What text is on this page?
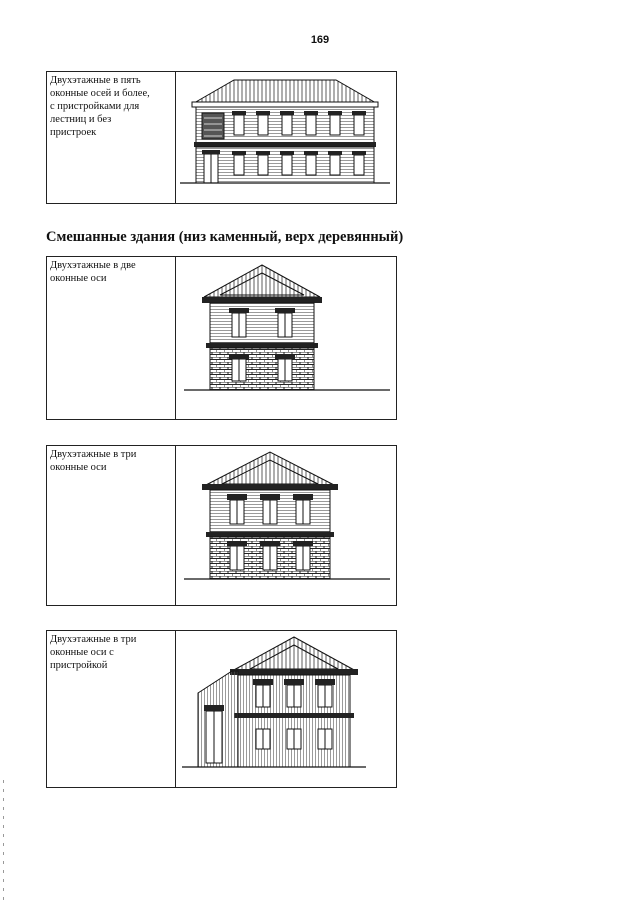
169
Двухэтажные в пять
оконные осей и более,
с пристройками для
лестниц и без
пристроек
Смешанные здания (низ каменный, верх деревянный)
Двухэтажные в две
оконные оси
Двухэтажные в три
оконные оси
Двухэтажные в три
оконные оси с
пристройкой
